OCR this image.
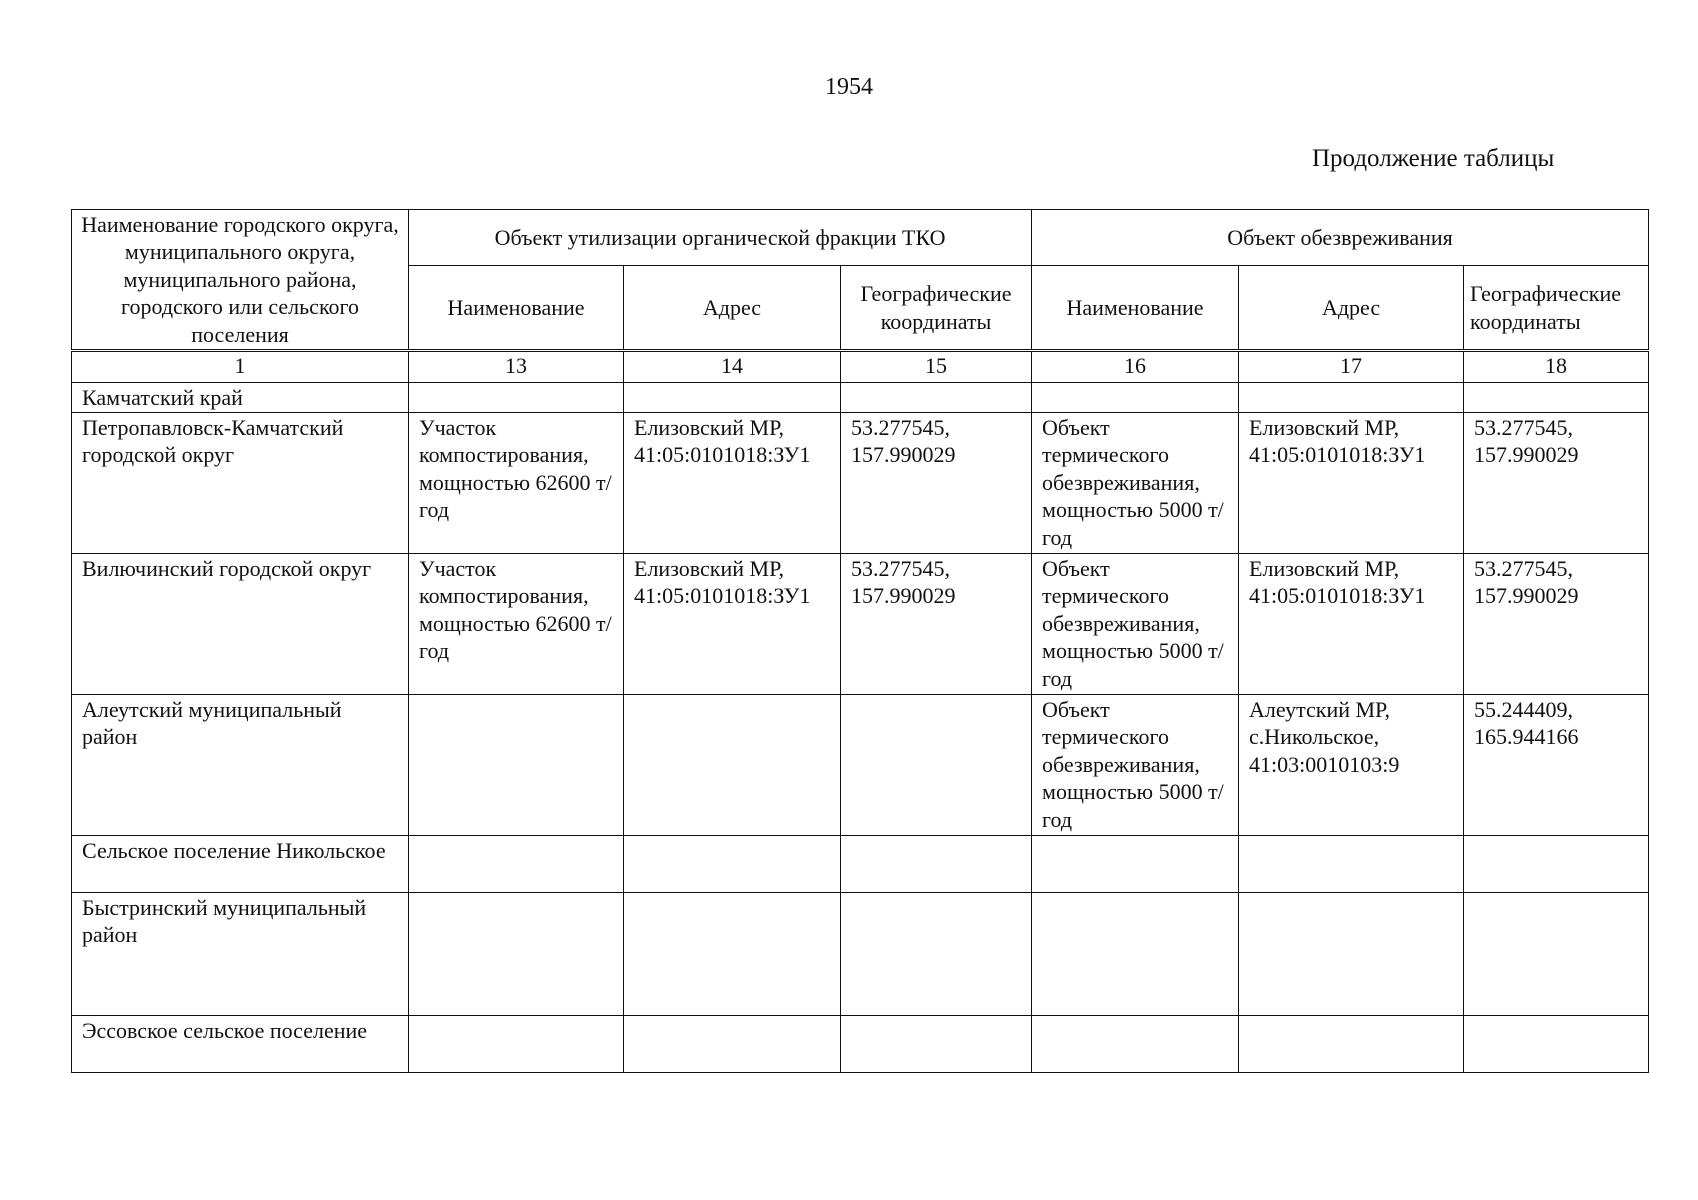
1954
Продолжение таблицы
Наименование городского округа, муниципального округа, муниципального района, городского или сельского поселения	Объект утилизации органической фракции ТКО			Объект обезвреживания		
	Наименование	Адрес	Географические координаты	Наименование	Адрес	Географические координаты
1	13	14	15	16	17	18
Камчатский край						
Петропавловск-Камчатский городской округ	Участок компостирования, мощностью 62600 т/год	Елизовский МР, 41:05:0101018:ЗУ1	53.277545, 157.990029	Объект термического обезвреживания, мощностью 5000 т/год	Елизовский МР, 41:05:0101018:ЗУ1	53.277545, 157.990029
Вилючинский городской округ	Участок компостирования, мощностью 62600 т/год	Елизовский МР, 41:05:0101018:ЗУ1	53.277545, 157.990029	Объект термического обезвреживания, мощностью 5000 т/год	Елизовский МР, 41:05:0101018:ЗУ1	53.277545, 157.990029
Алеутский муниципальный район				Объект термического обезвреживания, мощностью 5000 т/год	Алеутский МР, с.Никольское, 41:03:0010103:9	55.244409, 165.944166
Сельское поселение Никольское						
Быстринский муниципальный район						
Эссовское сельское поселение						
